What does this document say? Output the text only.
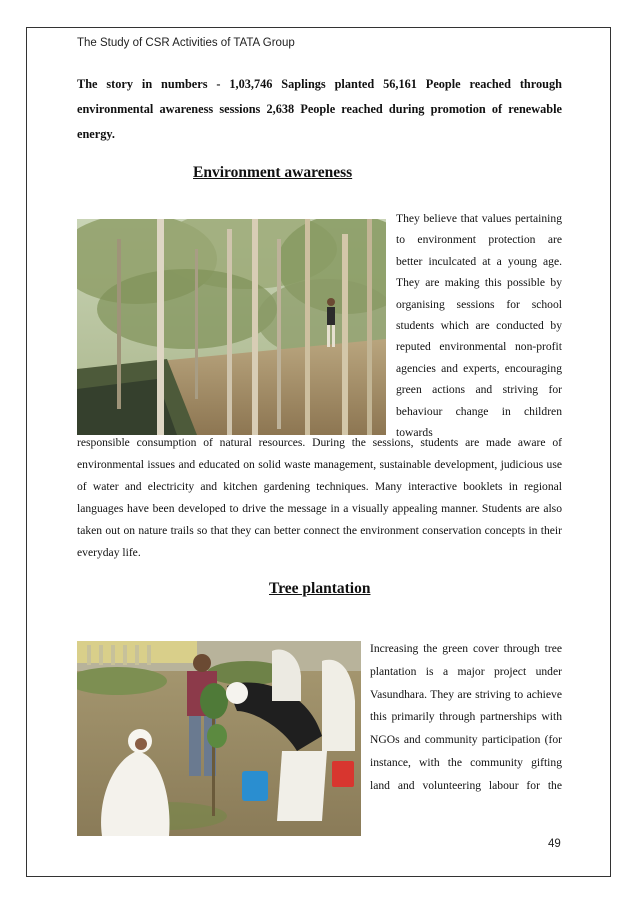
The Study of CSR Activities of TATA Group
The story in numbers - 1,03,746 Saplings planted 56,161 People reached through environmental awareness sessions 2,638 People reached during promotion of renewable energy.
Environment awareness
They believe that values pertaining to environment protection are better inculcated at a young age. They are making this possible by organising sessions for school students which are conducted by reputed environmental non-profit agencies and experts, encouraging green actions and striving for behaviour change in children towards
responsible consumption of natural resources. During the sessions, students are made aware of environmental issues and educated on solid waste management, sustainable development, judicious use of water and electricity and kitchen gardening techniques. Many interactive booklets in regional languages have been developed to drive the message in a visually appealing manner. Students are also taken out on nature trails so that they can better connect the environment conservation concepts in their everyday life.
Tree plantation
Increasing the green cover through tree plantation is a major project under Vasundhara. They are striving to achieve this primarily through partnerships with NGOs and community participation (for instance, with the community gifting land and volunteering labour for the
49
